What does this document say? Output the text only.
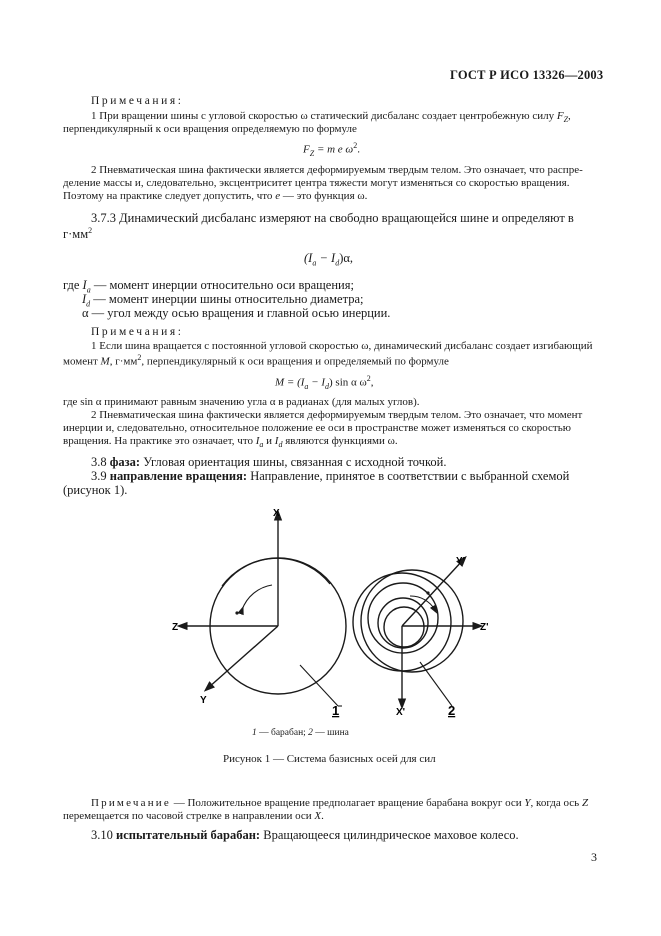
ГОСТ Р ИСО 13326—2003
Примечания:
1 При вращении шины с угловой скоростью ω статический дисбаланс создает центробежную силу $F_Z$,
перпендикулярный к оси вращения определяемую по формуле
$F_Z = m$ e $\omega^2$.
2 Пневматическая шина фактически является деформируемым твердым телом. Это означает, что распре-
деление массы и, следовательно, эксцентриситет центра тяжести могут изменяться со скоростью вращения.
Поэтому на практике следует допустить, что e — это функция ω.
3.7.3 Динамический дисбаланс измеряют на свободно вращающейся шине и определяют в
$г\cdot мм^2$
$(I_a - I_d)\alpha$,
где $I_a$ — момент инерции относительно оси вращения;
$I_d$ — момент инерции шины относительно диаметра;
α — угол между осью вращения и главной осью инерции.
Примечания:
1 Если шина вращается с постоянной угловой скоростью ω, динамический дисбаланс создает изгибающий
момент M, $г\cdot мм^2$, перпендикулярный к оси вращения и определяемый по формуле
$M = (I_a - I_d)$ sin α $\omega^2$,
где sin α принимают равным значению угла α в радианах (для малых углов).
2 Пневматическая шина фактически является деформируемым твердым телом. Это означает, что момент
инерции и, следовательно, относительное положение ее оси в пространстве может изменяться со скоростью
вращения. На практике это означает, что $I_a$ и $I_d$ являются функциями ω.
3.8 фаза: Угловая ориентация шины, связанная с исходной точкой.
3.9 направление вращения: Направление, принятое в соответствии с выбранной схемой
(рисунок 1).
X
Z
Y
X'
Z'
Y'
1	2
1 — барабан; 2 — шина
Рисунок 1 — Система базисных осей для сил
Примечание — Положительное вращение предполагает вращение барабана вокруг оси Y, когда ось Z
перемещается по часовой стрелке в направлении оси X.
3.10 испытательный барабан: Вращающееся цилиндрическое маховое колесо.
3
